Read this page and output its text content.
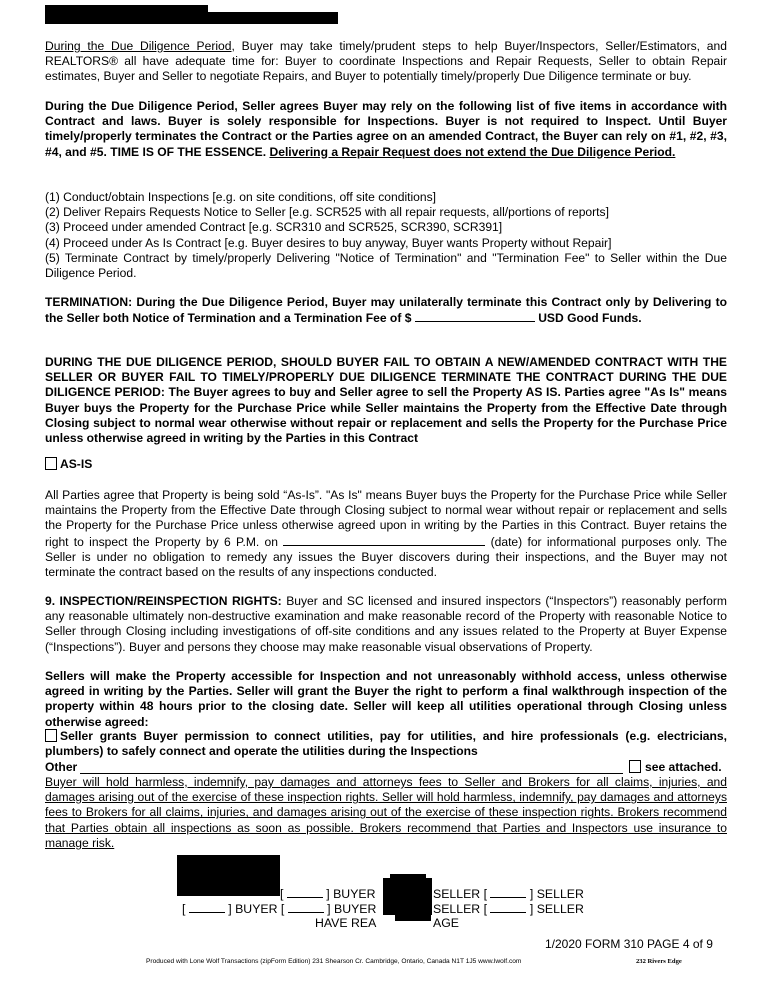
During the Due Diligence Period, Buyer may take timely/prudent steps to help Buyer/Inspectors, Seller/Estimators, and REALTORS® all have adequate time for: Buyer to coordinate Inspections and Repair Requests, Seller to obtain Repair estimates, Buyer and Seller to negotiate Repairs, and Buyer to potentially timely/properly Due Diligence terminate or buy.

During the Due Diligence Period, Seller agrees Buyer may rely on the following list of five items in accordance with Contract and laws. Buyer is solely responsible for Inspections. Buyer is not required to Inspect. Until Buyer timely/properly terminates the Contract or the Parties agree on an amended Contract, the Buyer can rely on #1, #2, #3, #4, and #5. TIME IS OF THE ESSENCE. Delivering a Repair Request does not extend the Due Diligence Period.

(1) Conduct/obtain Inspections [e.g. on site conditions, off site conditions]
(2) Deliver Repairs Requests Notice to Seller [e.g. SCR525 with all repair requests, all/portions of reports]
(3) Proceed under amended Contract [e.g. SCR310 and SCR525, SCR390, SCR391]
(4) Proceed under As Is Contract [e.g. Buyer desires to buy anyway, Buyer wants Property without Repair]
(5) Terminate Contract by timely/properly Delivering "Notice of Termination" and "Termination Fee" to Seller within the Due Diligence Period.

TERMINATION: During the Due Diligence Period, Buyer may unilaterally terminate this Contract only by Delivering to the Seller both Notice of Termination and a Termination Fee of $	USD Good Funds.

DURING THE DUE DILIGENCE PERIOD, SHOULD BUYER FAIL TO OBTAIN A NEW/AMENDED CONTRACT WITH THE SELLER OR BUYER FAIL TO TIMELY/PROPERLY DUE DILIGENCE TERMINATE THE CONTRACT DURING THE DUE DILIGENCE PERIOD: The Buyer agrees to buy and Seller agree to sell the Property AS IS. Parties agree "As Is" means Buyer buys the Property for the Purchase Price while Seller maintains the Property from the Effective Date through Closing subject to normal wear otherwise without repair or replacement and sells the Property for the Purchase Price unless otherwise agreed in writing by the Parties in this Contract

AS-IS

All Parties agree that Property is being sold “As-Is”. "As Is" means Buyer buys the Property for the Purchase Price while Seller maintains the Property from the Effective Date through Closing subject to normal wear without repair or replacement and sells the Property for the Purchase Price unless otherwise agreed upon in writing by the Parties in this Contract. Buyer retains the right to inspect the Property by 6 P.M. on	(date) for informational purposes only. The Seller is under no obligation to remedy any issues the Buyer discovers during their inspections, and the Buyer may not terminate the contract based on the results of any inspections conducted.

9. INSPECTION/REINSPECTION RIGHTS: Buyer and SC licensed and insured inspectors (“Inspectors”) reasonably perform any reasonable ultimately non-destructive examination and make reasonable record of the Property with reasonable Notice to Seller through Closing including investigations of off-site conditions and any issues related to the Property at Buyer Expense (“Inspections”). Buyer and persons they choose may make reasonable visual observations of Property.

Sellers will make the Property accessible for Inspection and not unreasonably withhold access, unless otherwise agreed in writing by the Parties. Seller will grant the Buyer the right to perform a final walkthrough inspection of the property within 48 hours prior to the closing date. Seller will keep all utilities operational through Closing unless otherwise agreed:

Seller grants Buyer permission to connect utilities, pay for utilities, and hire professionals (e.g. electricians, plumbers) to safely connect and operate the utilities during the Inspections

Other	see attached.

Buyer will hold harmless, indemnify, pay damages and attorneys fees to Seller and Brokers for all claims, injuries, and damages arising out of the exercise of these inspection rights. Seller will hold harmless, indemnify, pay damages and attorneys fees to Brokers for all claims, injuries, and damages arising out of the exercise of these inspection rights. Brokers recommend that Parties obtain all inspections as soon as possible. Brokers recommend that Parties and Inspectors use insurance to manage risk.

[	] BUYER	SELLER [	] SELLER
[	] BUYER [	] BUYER	SELLER [	] SELLER
HAVE REA	AGE
1/2020 FORM 310 PAGE 4 of 9
Produced with Lone Wolf Transactions (zipForm Edition) 231 Shearson Cr. Cambridge, Ontario, Canada N1T 1J5 www.lwolf.com	232 Rivers Edge
